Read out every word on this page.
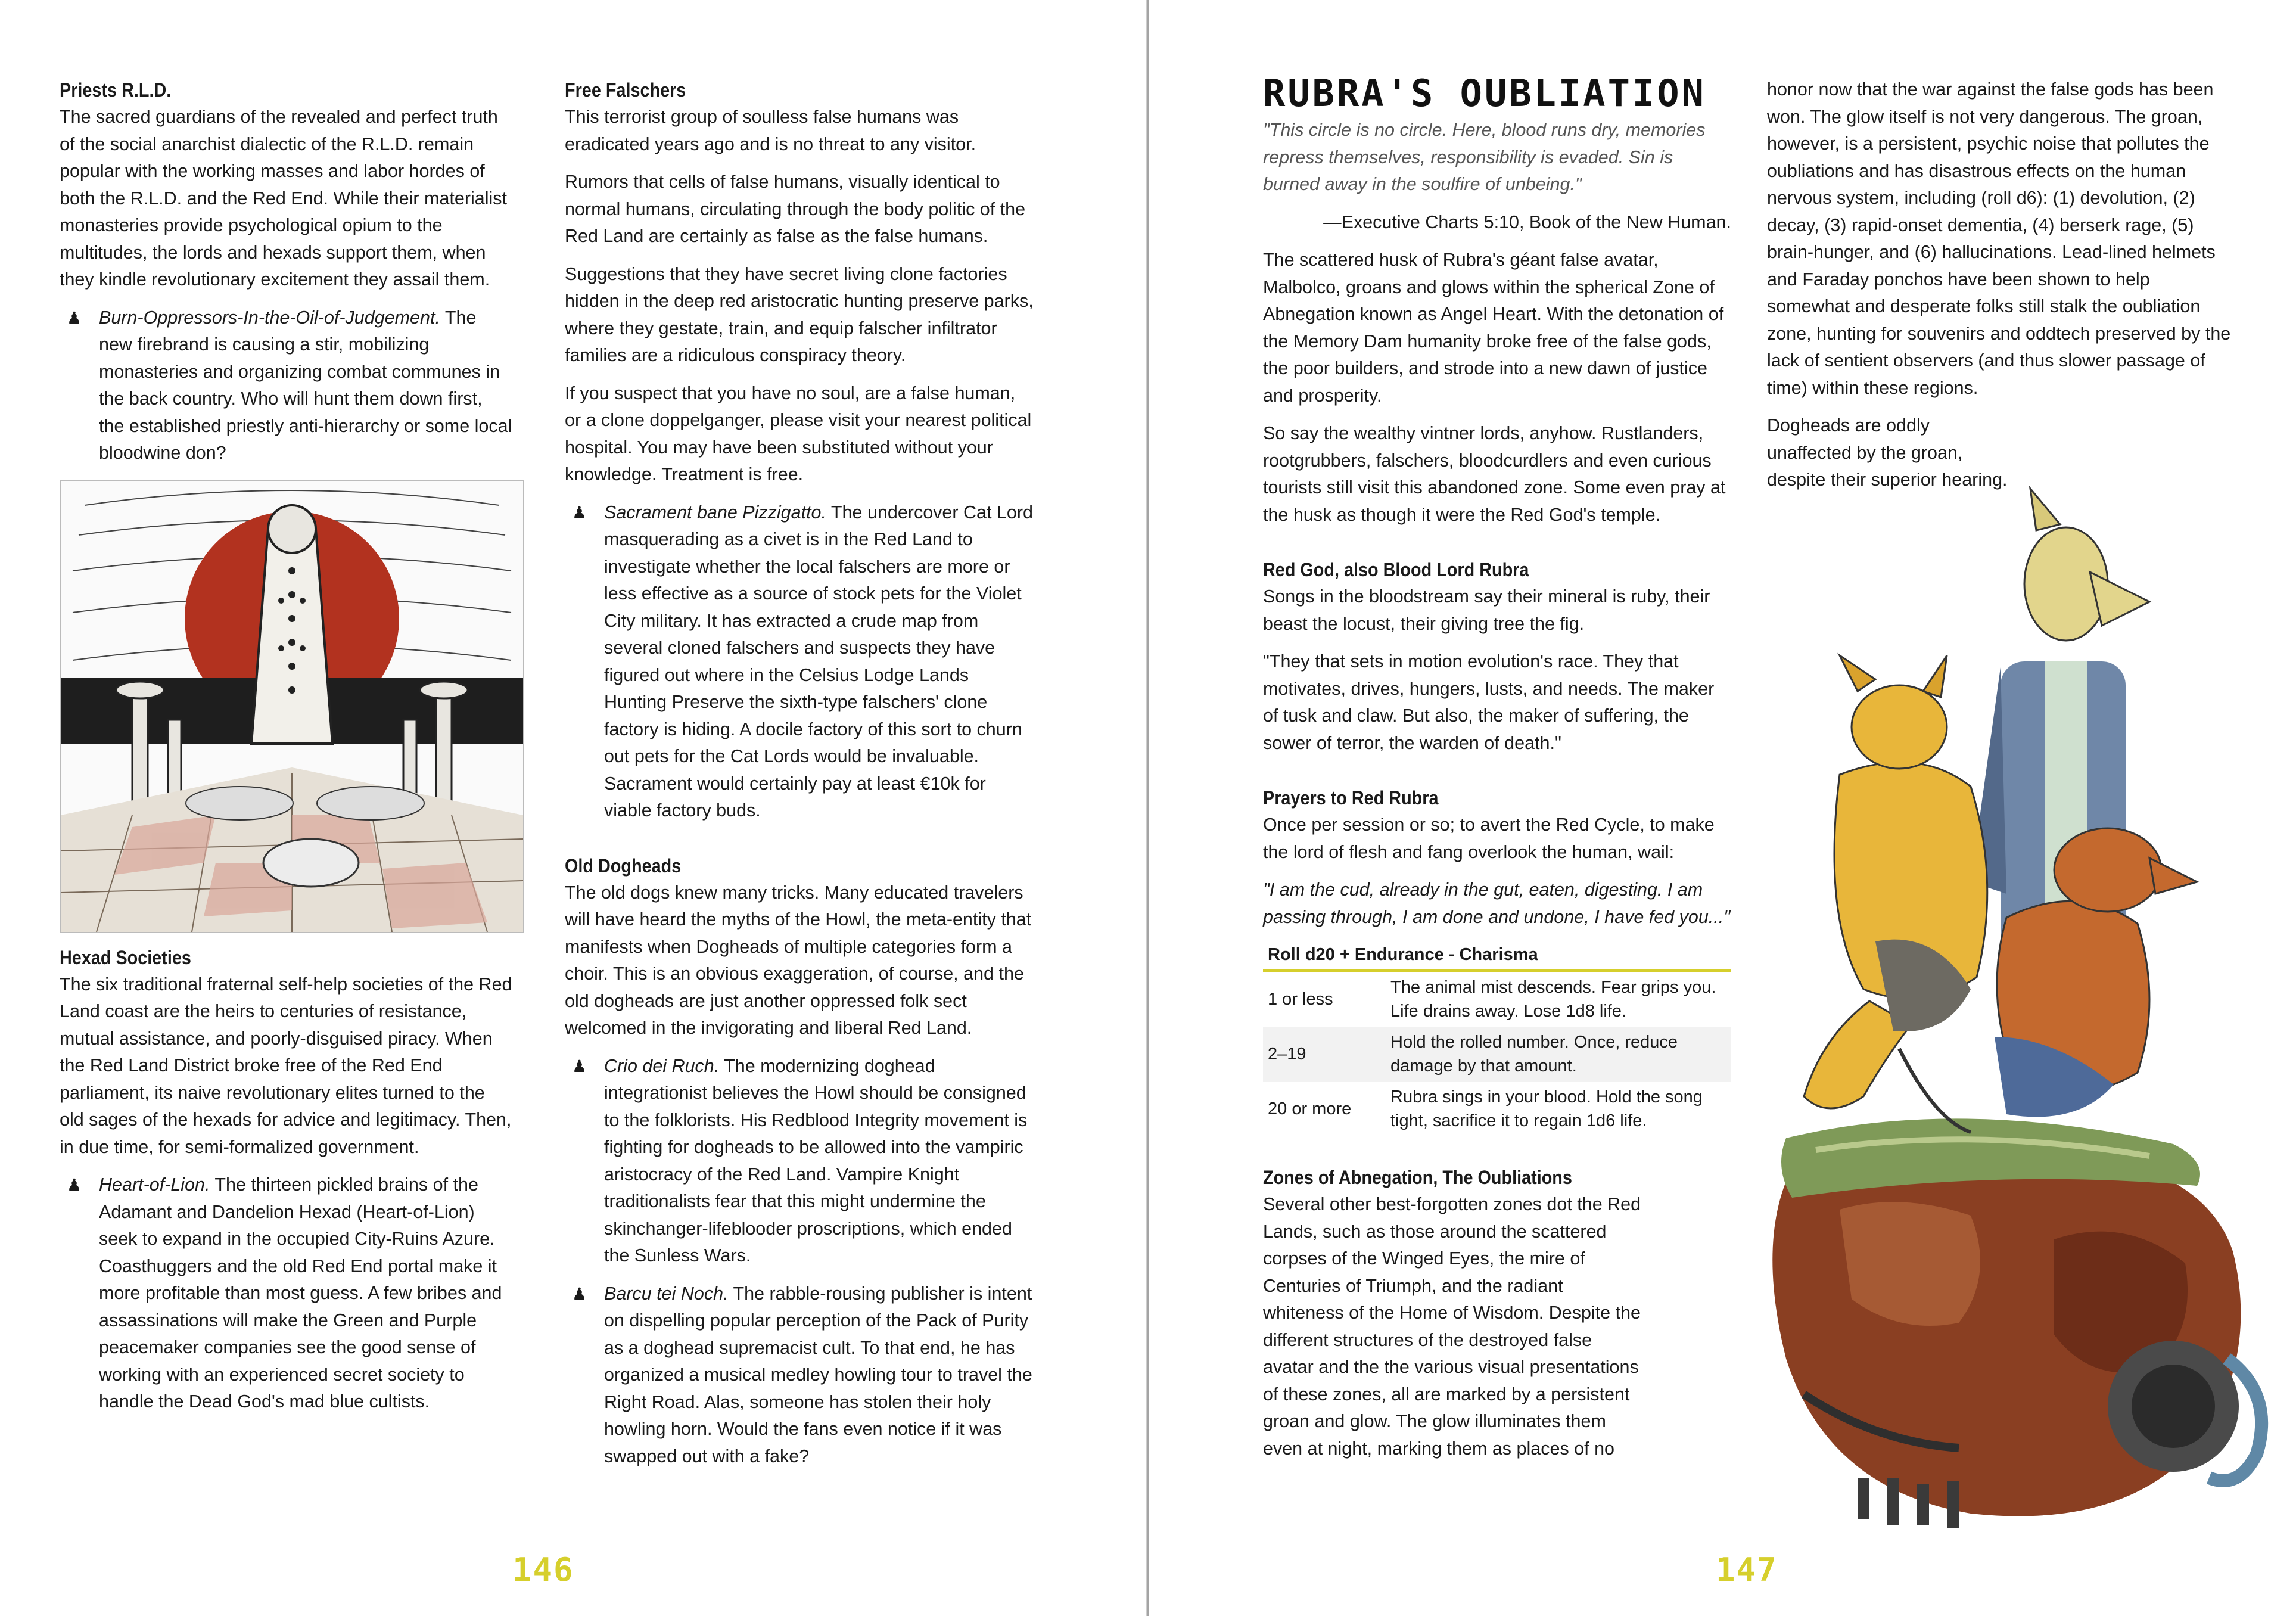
Priests R.L.D.

The sacred guardians of the revealed and perfect truth of the social anarchist dialectic of the R.L.D. remain popular with the working masses and labor hordes of both the R.L.D. and the Red End. While their materialist monasteries provide psychological opium to the multitudes, the lords and hexads support them, when they kindle revolutionary excitement they assail them.

♟ Burn-Oppressors-In-the-Oil-of-Judgement. The new firebrand is causing a stir, mobilizing monasteries and organizing combat communes in the back country. Who will hunt them down first, the established priestly anti-hierarchy or some local bloodwine don?

Hexad Societies

The six traditional fraternal self-help societies of the Red Land coast are the heirs to centuries of resistance, mutual assistance, and poorly-disguised piracy. When the Red Land District broke free of the Red End parliament, its naive revolutionary elites turned to the old sages of the hexads for advice and legitimacy. Then, in due time, for semi-formalized government.

♟ Heart-of-Lion. The thirteen pickled brains of the Adamant and Dandelion Hexad (Heart-of-Lion) seek to expand in the occupied City-Ruins Azure. Coasthuggers and the old Red End portal make it more profitable than most guess. A few bribes and assassinations will make the Green and Purple peacemaker companies see the good sense of working with an experienced secret society to handle the Dead God's mad blue cultists.

Free Falschers

This terrorist group of soulless false humans was eradicated years ago and is no threat to any visitor.

Rumors that cells of false humans, visually identical to normal humans, circulating through the body politic of the Red Land are certainly as false as the false humans.

Suggestions that they have secret living clone factories hidden in the deep red aristocratic hunting preserve parks, where they gestate, train, and equip falscher infiltrator families are a ridiculous conspiracy theory.

If you suspect that you have no soul, are a false human, or a clone doppelganger, please visit your nearest political hospital. You may have been substituted without your knowledge. Treatment is free.

♟ Sacrament bane Pizzigatto. The undercover Cat Lord masquerading as a civet is in the Red Land to investigate whether the local falschers are more or less effective as a source of stock pets for the Violet City military. It has extracted a crude map from several cloned falschers and suspects they have figured out where in the Celsius Lodge Lands Hunting Preserve the sixth-type falschers' clone factory is hiding. A docile factory of this sort to churn out pets for the Cat Lords would be invaluable. Sacrament would certainly pay at least €10k for viable factory buds.

Old Dogheads

The old dogs knew many tricks. Many educated travelers will have heard the myths of the Howl, the meta-entity that manifests when Dogheads of multiple categories form a choir. This is an obvious exaggeration, of course, and the old dogheads are just another oppressed folk sect welcomed in the invigorating and liberal Red Land.

♟ Crio dei Ruch. The modernizing doghead integrationist believes the Howl should be consigned to the folklorists. His Redblood Integrity movement is fighting for dogheads to be allowed into the vampiric aristocracy of the Red Land. Vampire Knight traditionalists fear that this might undermine the skinchanger-lifeblooder proscriptions, which ended the Sunless Wars.

♟ Barcu tei Noch. The rabble-rousing publisher is intent on dispelling popular perception of the Pack of Purity as a doghead supremacist cult. To that end, he has organized a musical medley howling tour to travel the Right Road. Alas, someone has stolen their holy howling horn. Would the fans even notice if it was swapped out with a fake?

146
RUBRA'S OUBLIATION

"This circle is no circle. Here, blood runs dry, memories repress themselves, responsibility is evaded. Sin is burned away in the soulfire of unbeing."

—Executive Charts 5:10, Book of the New Human.

The scattered husk of Rubra's géant false avatar, Malbolco, groans and glows within the spherical Zone of Abnegation known as Angel Heart. With the detonation of the Memory Dam humanity broke free of the false gods, the poor builders, and strode into a new dawn of justice and prosperity.

So say the wealthy vintner lords, anyhow. Rustlanders, rootgrubbers, falschers, bloodcurdlers and even curious tourists still visit this abandoned zone. Some even pray at the husk as though it were the Red God's temple.

Red God, also Blood Lord Rubra

Songs in the bloodstream say their mineral is ruby, their beast the locust, their giving tree the fig.

"They that sets in motion evolution's race. They that motivates, drives, hungers, lusts, and needs. The maker of tusk and claw. But also, the maker of suffering, the sower of terror, the warden of death."

Prayers to Red Rubra

Once per session or so; to avert the Red Cycle, to make the lord of flesh and fang overlook the human, wail:

"I am the cud, already in the gut, eaten, digesting. I am passing through, I am done and undone, I have fed you..."

Roll d20 + Endurance - Charisma	
1 or less	The animal mist descends. Fear grips you. Life drains away. Lose 1d8 life.
2–19	Hold the rolled number. Once, reduce damage by that amount.
20 or more	Rubra sings in your blood. Hold the song tight, sacrifice it to regain 1d6 life.
Zones of Abnegation, The Oubliations

Several other best-forgotten zones dot the Red Lands, such as those around the scattered corpses of the Winged Eyes, the mire of Centuries of Triumph, and the radiant whiteness of the Home of Wisdom. Despite the different structures of the destroyed false avatar and the the various visual presentations of these zones, all are marked by a persistent groan and glow. The glow illuminates them even at night, marking them as places of no

honor now that the war against the false gods has been won. The glow itself is not very dangerous. The groan, however, is a persistent, psychic noise that pollutes the oubliations and has disastrous effects on the human nervous system, including (roll d6): (1) devolution, (2) decay, (3) rapid-onset dementia, (4) berserk rage, (5) brain-hunger, and (6) hallucinations. Lead-lined helmets and Faraday ponchos have been shown to help somewhat and desperate folks still stalk the oubliation zone, hunting for souvenirs and oddtech preserved by the lack of sentient observers (and thus slower passage of time) within these regions.

Dogheads are oddly unaffected by the groan, despite their superior hearing.

147
